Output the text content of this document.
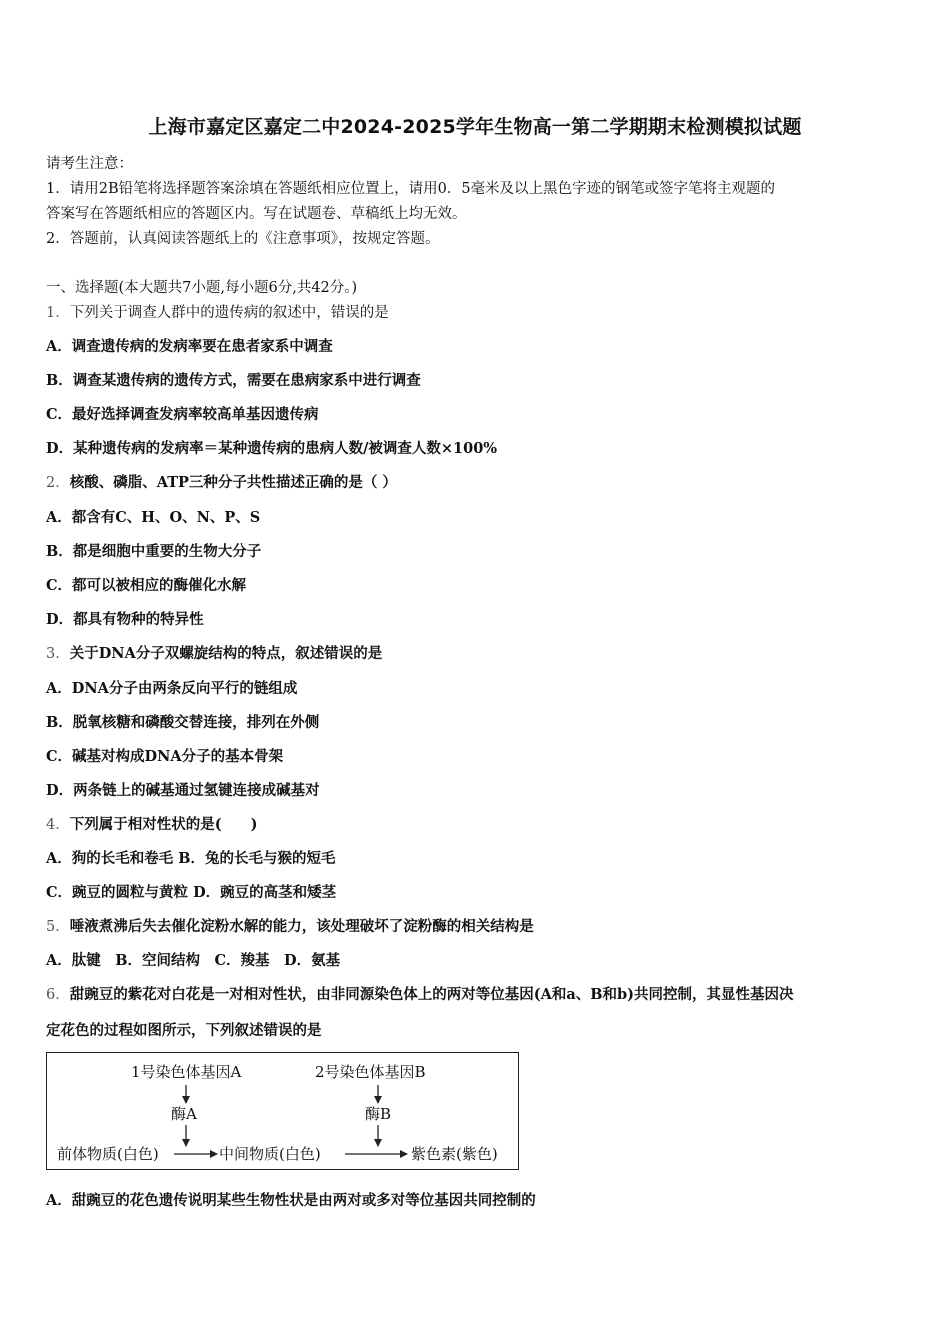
上海市嘉定区嘉定二中2024-2025学年生物高一第二学期期末检测模拟试题
请考生注意：
1．请用2B铅笔将选择题答案涂填在答题纸相应位置上，请用0．5毫米及以上黑色字迹的钢笔或签字笔将主观题的
答案写在答题纸相应的答题区内。写在试题卷、草稿纸上均无效。
2．答题前，认真阅读答题纸上的《注意事项》，按规定答题。
一、选择题(本大题共7小题,每小题6分,共42分。)
1．下列关于调查人群中的遗传病的叙述中，错误的是
A．调查遗传病的发病率要在患者家系中调查
B．调查某遗传病的遗传方式，需要在患病家系中进行调查
C．最好选择调查发病率较高单基因遗传病
D．某种遗传病的发病率＝某种遗传病的患病人数/被调查人数×100%
2．核酸、磷脂、ATP三种分子共性描述正确的是（ ）
A．都含有C、H、O、N、P、S
B．都是细胞中重要的生物大分子
C．都可以被相应的酶催化水解
D．都具有物种的特异性
3．关于DNA分子双螺旋结构的特点，叙述错误的是
A．DNA分子由两条反向平行的链组成
B．脱氧核糖和磷酸交替连接，排列在外侧
C．碱基对构成DNA分子的基本骨架
D．两条链上的碱基通过氢键连接成碱基对
4．下列属于相对性状的是(　　)
A．狗的长毛和卷毛 B．兔的长毛与猴的短毛
C．豌豆的圆粒与黄粒 D．豌豆的高茎和矮茎
5．唾液煮沸后失去催化淀粉水解的能力，该处理破坏了淀粉酶的相关结构是
A．肽键　B．空间结构　C．羧基　D．氨基
6．甜豌豆的紫花对白花是一对相对性状，由非同源染色体上的两对等位基因(A和a、B和b)共同控制，其显性基因决
定花色的过程如图所示，下列叙述错误的是
1号染色体基因A	2号染色体基因B
酶A	酶B
前体物质(白色)	中间物质(白色)	紫色素(紫色)
A．甜豌豆的花色遗传说明某些生物性状是由两对或多对等位基因共同控制的
